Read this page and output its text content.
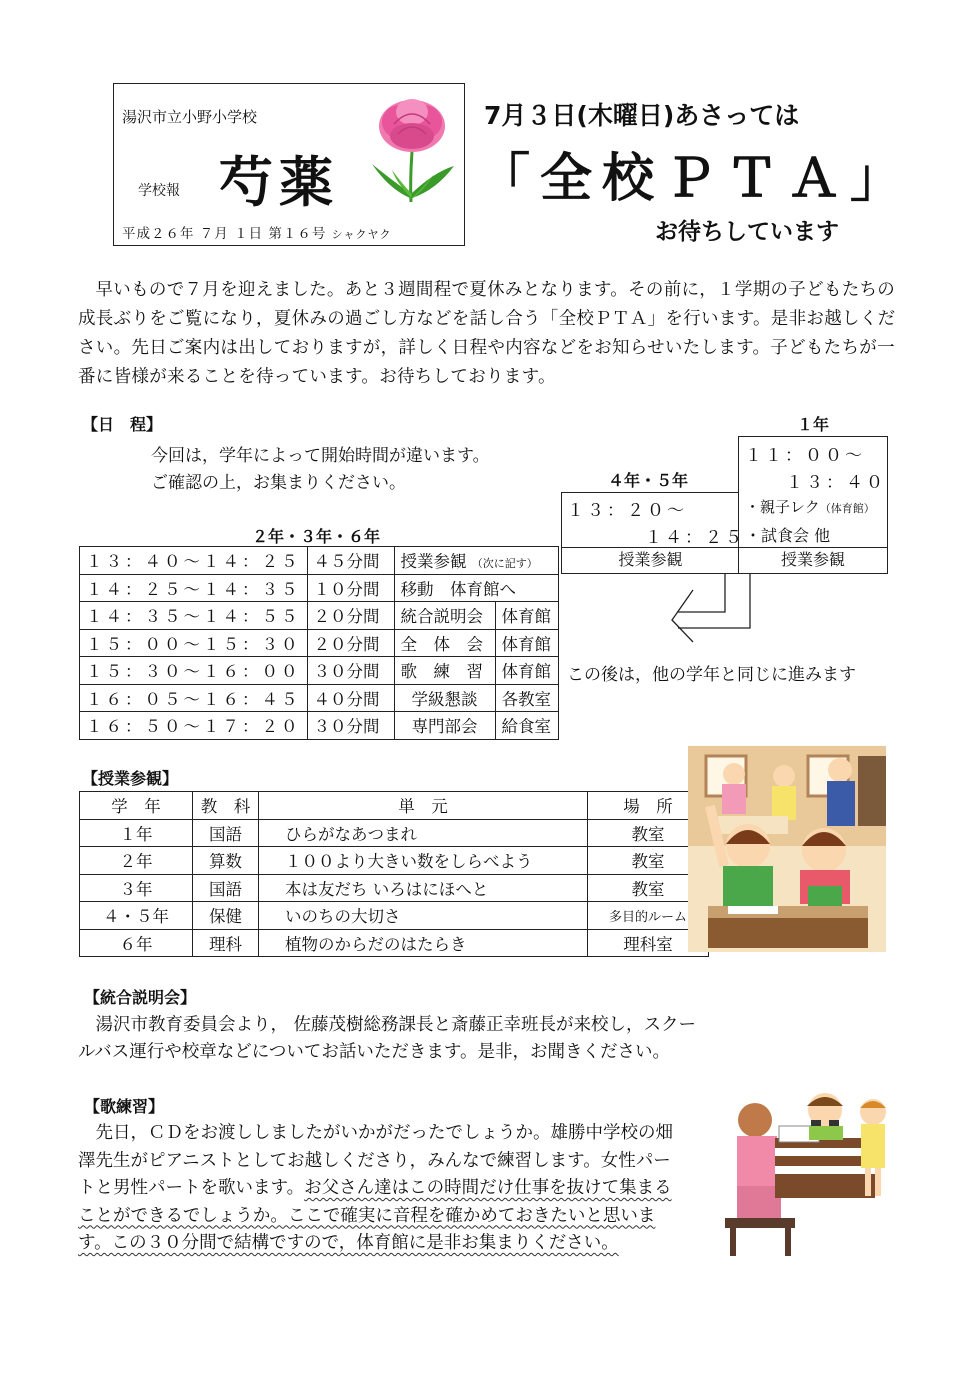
湯沢市立小野小学校
学校報 芍薬
平成２６年 ７月 １日 第１６号 シャクヤク
7月３日(木曜日)あさっては
「全校ＰＴＡ」
お待ちしています
早いもので７月を迎えました。あと３週間程で夏休みとなります。その前に，１学期の子どもたちの成長ぶりをご覧になり，夏休みの過ごし方などを話し合う「全校ＰＴＡ」を行います。是非お越しください。先日ご案内は出しておりますが，詳しく日程や内容などをお知らせいたします。子どもたちが一番に皆様が来ることを待っています。お待ちしております。
【日　程】
今回は，学年によって開始時間が違います。
ご確認の上，お集まりください。
１年
１１：００～
１３：４０
・親子レク（体育館）
・試食会 他
授業参観
４年・５年
１３：２０～
１４：２５
授業参観
この後は，他の学年と同じに進みます
２年・３年・６年
１３：４０～１４：２５	４５分間	授業参観 （次に記す）	
１４：２５～１４：３５	１０分間	移動　体育館へ	
１４：３５～１４：５５	２０分間	統合説明会	体育館
１５：００～１５：３０	２０分間	全　体　会	体育館
１５：３０～１６：００	３０分間	歌　練　習	体育館
１６：０５～１６：４５	４０分間	学級懇談	各教室
１６：５０～１７：２０	３０分間	専門部会	給食室
【授業参観】
学　年	教　科	単　元	場　所
１年	国語	ひらがなあつまれ	教室
２年	算数	１００より大きい数をしらべよう	教室
３年	国語	本は友だち いろはにほへと	教室
４・５年	保健	いのちの大切さ	多目的ルーム
６年	理科	植物のからだのはたらき	理科室
【統合説明会】
湯沢市教育委員会より， 佐藤茂樹総務課長と斎藤正幸班長が来校し，スクールバス運行や校章などについてお話いただきます。是非，お聞きください。
【歌練習】
先日，ＣＤをお渡ししましたがいかがだったでしょうか。雄勝中学校の畑澤先生がピアニストとしてお越しくださり，みんなで練習します。女性パートと男性パートを歌います。お父さん達はこの時間だけ仕事を抜けて集まることができるでしょうか。ここで確実に音程を確かめておきたいと思います。この３０分間で結構ですので，体育館に是非お集まりください。
